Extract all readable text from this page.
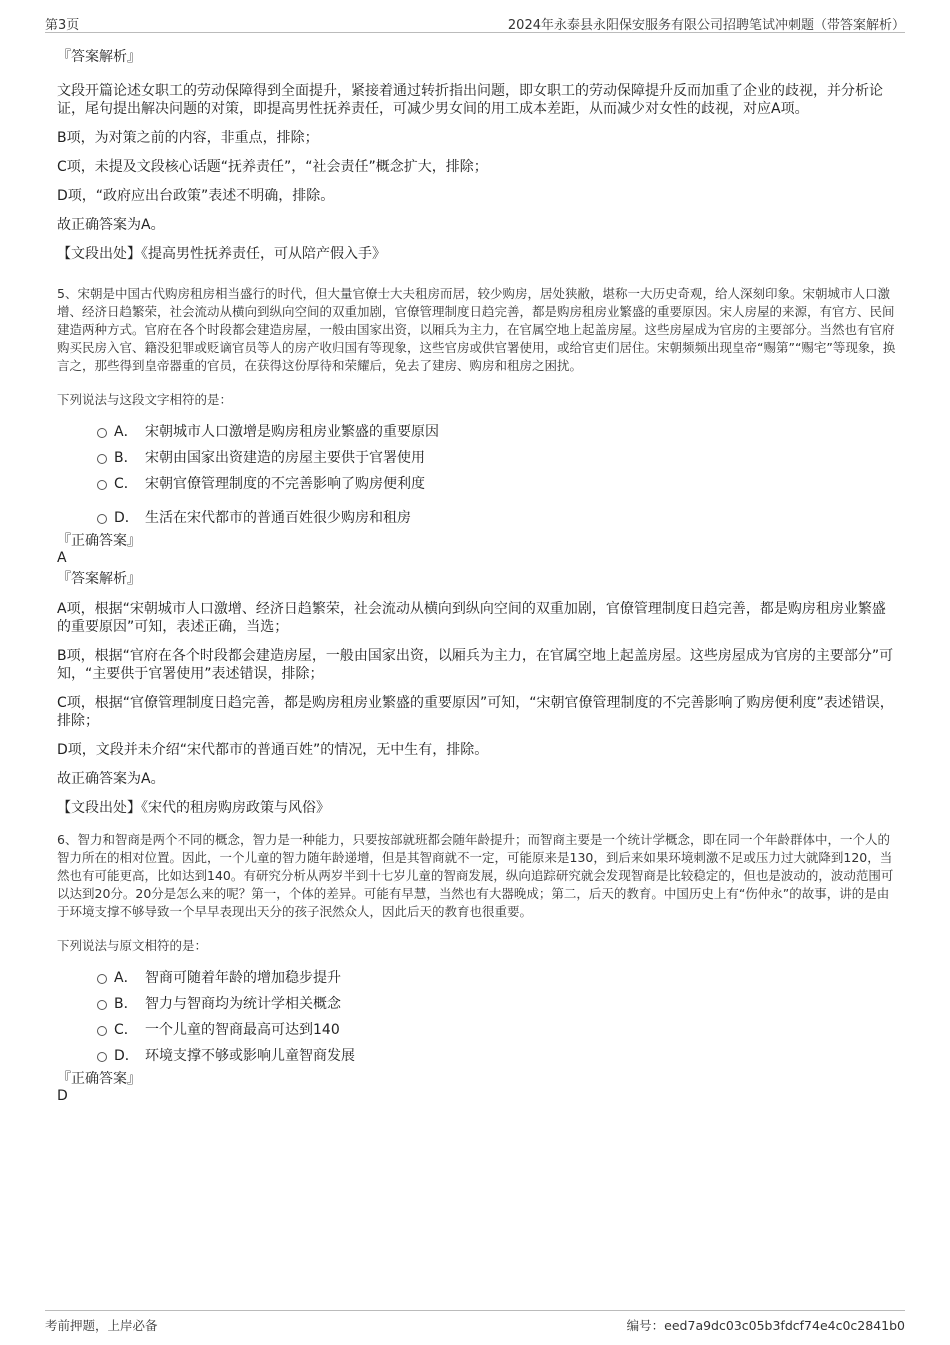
第3页	2024年永泰县永阳保安服务有限公司招聘笔试冲刺题（带答案解析）
『答案解析』
文段开篇论述女职工的劳动保障得到全面提升，紧接着通过转折指出问题，即女职工的劳动保障提升反而加重了企业的歧视，并分析论证，尾句提出解决问题的对策，即提高男性抚养责任，可减少男女间的用工成本差距，从而减少对女性的歧视，对应A项。
B项，为对策之前的内容，非重点，排除；
C项，未提及文段核心话题“抚养责任”，“社会责任”概念扩大，排除；
D项，“政府应出台政策”表述不明确，排除。
故正确答案为A。
【文段出处】《提高男性抚养责任，可从陪产假入手》
5、宋朝是中国古代购房租房相当盛行的时代，但大量官僚士大夫租房而居，较少购房，居处狭敝，堪称一大历史奇观，给人深刻印象。宋朝城市人口激增、经济日趋繁荣，社会流动从横向到纵向空间的双重加剧，官僚管理制度日趋完善，都是购房租房业繁盛的重要原因。宋人房屋的来源，有官方、民间建造两种方式。官府在各个时段都会建造房屋，一般由国家出资，以厢兵为主力，在官属空地上起盖房屋。这些房屋成为官房的主要部分。当然也有官府购买民房入官、籍没犯罪或贬谪官员等人的房产收归国有等现象，这些官房或供官署使用，或给官吏们居住。宋朝频频出现皇帝“赐第”“赐宅”等现象，换言之，那些得到皇帝器重的官员，在获得这份厚待和荣耀后，免去了建房、购房和租房之困扰。
下列说法与这段文字相符的是：
A． 宋朝城市人口激增是购房租房业繁盛的重要原因
B． 宋朝由国家出资建造的房屋主要供于官署使用
C． 宋朝官僚管理制度的不完善影响了购房便利度
D． 生活在宋代都市的普通百姓很少购房和租房
『正确答案』
A
『答案解析』
A项，根据“宋朝城市人口激增、经济日趋繁荣，社会流动从横向到纵向空间的双重加剧，官僚管理制度日趋完善，都是购房租房业繁盛的重要原因”可知，表述正确，当选；
B项，根据“官府在各个时段都会建造房屋，一般由国家出资，以厢兵为主力，在官属空地上起盖房屋。这些房屋成为官房的主要部分”可知，“主要供于官署使用”表述错误，排除；
C项，根据“官僚管理制度日趋完善，都是购房租房业繁盛的重要原因”可知，“宋朝官僚管理制度的不完善影响了购房便利度”表述错误，排除；
D项，文段并未介绍“宋代都市的普通百姓”的情况，无中生有，排除。
故正确答案为A。
【文段出处】《宋代的租房购房政策与风俗》
6、智力和智商是两个不同的概念，智力是一种能力，只要按部就班都会随年龄提升；而智商主要是一个统计学概念，即在同一个年龄群体中，一个人的智力所在的相对位置。因此，一个儿童的智力随年龄递增，但是其智商就不一定，可能原来是130，到后来如果环境刺激不足或压力过大就降到120，当然也有可能更高，比如达到140。有研究分析从两岁半到十七岁儿童的智商发展，纵向追踪研究就会发现智商是比较稳定的，但也是波动的，波动范围可以达到20分。20分是怎么来的呢？第一，个体的差异。可能有早慧，当然也有大器晚成；第二，后天的教育。中国历史上有“伤仲永”的故事，讲的是由于环境支撑不够导致一个早早表现出天分的孩子泯然众人，因此后天的教育也很重要。
下列说法与原文相符的是：
A． 智商可随着年龄的增加稳步提升
B． 智力与智商均为统计学相关概念
C． 一个儿童的智商最高可达到140
D． 环境支撑不够或影响儿童智商发展
『正确答案』
D
考前押题，上岸必备	编号：eed7a9dc03c05b3fdcf74e4c0c2841b0
